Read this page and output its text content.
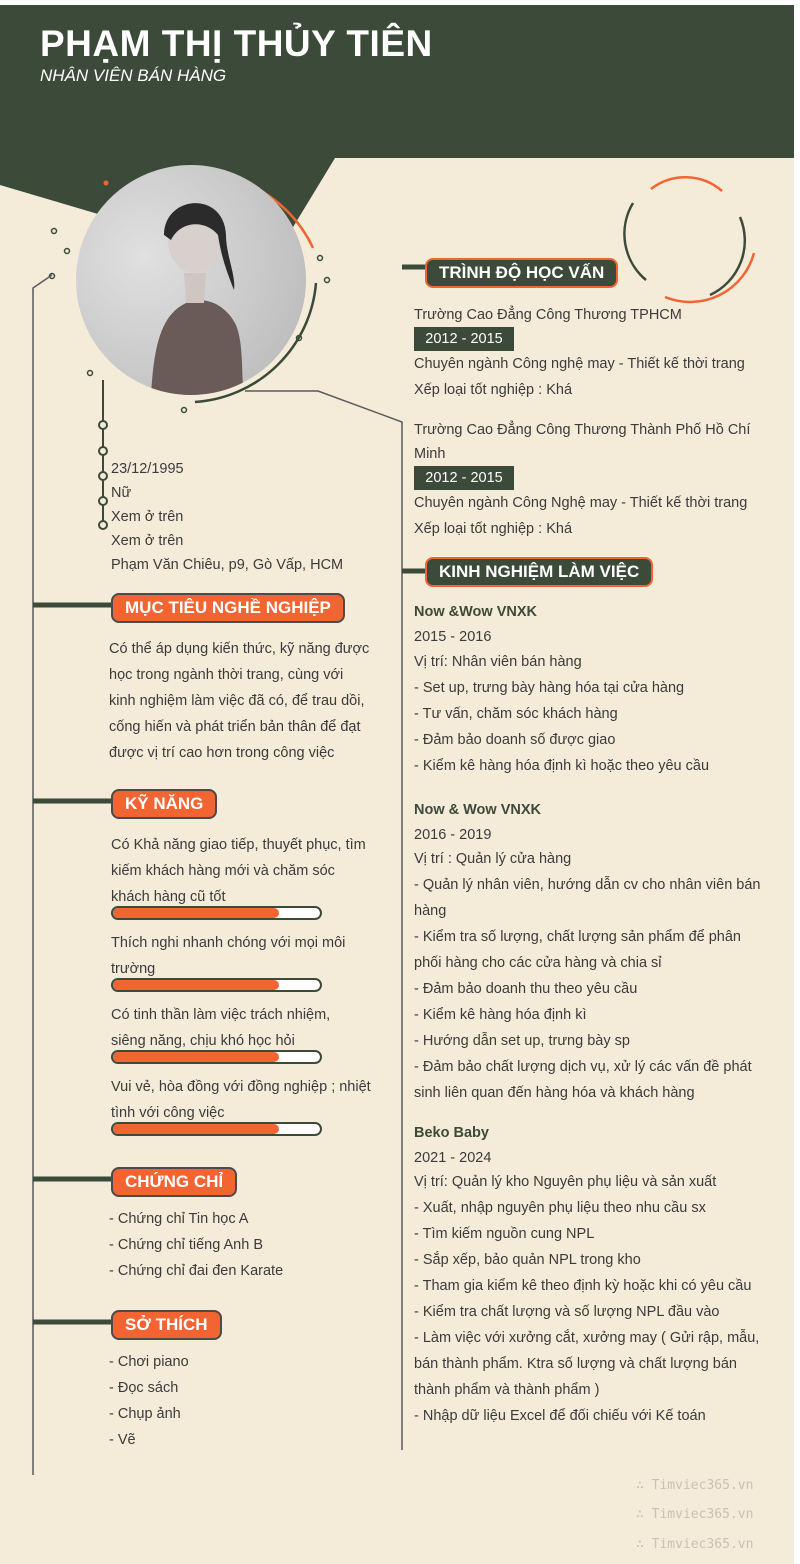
PHẠM THỊ THỦY TIÊN
NHÂN VIÊN BÁN HÀNG
23/12/1995
Nữ
Xem ở trên
Xem ở trên
Phạm Văn Chiêu, p9, Gò Vấp, HCM
MỤC TIÊU NGHỀ NGHIỆP
Có thể áp dụng kiến thức, kỹ năng được
học trong ngành thời trang, cùng với
kinh nghiệm làm việc đã có, để trau dồi,
cống hiến và phát triển bản thân để đạt
được vị trí cao hơn trong công việc
KỸ NĂNG
Có Khả năng giao tiếp, thuyết phục, tìm
kiếm khách hàng mới và chăm sóc
khách hàng cũ tốt
Thích nghi nhanh chóng với mọi môi
trường
Có tinh thần làm việc trách nhiệm,
siêng năng, chịu khó học hỏi
Vui vẻ, hòa đồng với đồng nghiệp ; nhiệt
tình với công việc
CHỨNG CHỈ
- Chứng chỉ Tin học A
- Chứng chỉ tiếng Anh B
- Chứng chỉ đai đen Karate
SỞ THÍCH
- Chơi piano
- Đọc sách
- Chụp ảnh
- Vẽ
TRÌNH ĐỘ HỌC VẤN
Trường Cao Đẳng Công Thương TPHCM
2012 - 2015
Chuyên ngành Công nghệ may - Thiết kế thời trang
Xếp loại tốt nghiệp : Khá
Trường Cao Đẳng Công Thương Thành Phố Hồ Chí
Minh
2012 - 2015
Chuyên ngành Công Nghệ may - Thiết kế thời trang
Xếp loại tốt nghiệp : Khá
KINH NGHIỆM LÀM VIỆC
Now &Wow VNXK
2015 - 2016
Vị trí: Nhân viên bán hàng
- Set up, trưng bày hàng hóa tại cửa hàng
- Tư vấn, chăm sóc khách hàng
- Đảm bảo doanh số được giao
- Kiểm kê hàng hóa định kì hoặc theo yêu cầu
Now & Wow VNXK
2016 - 2019
Vị trí : Quản lý cửa hàng
- Quản lý nhân viên, hướng dẫn cv cho nhân viên bán
hàng
- Kiểm tra số lượng, chất lượng sản phẩm để phân
phối hàng cho các cửa hàng và chia sỉ
- Đảm bảo doanh thu theo yêu cầu
- Kiểm kê hàng hóa định kì
- Hướng dẫn set up, trưng bày sp
- Đảm bảo chất lượng dịch vụ, xử lý các vấn đề phát
sinh liên quan đến hàng hóa và khách hàng
Beko Baby
2021 - 2024
Vị trí: Quản lý kho Nguyên phụ liệu và sản xuất
- Xuất, nhập nguyên phụ liệu theo nhu cầu sx
- Tìm kiếm nguồn cung NPL
- Sắp xếp, bảo quản NPL trong kho
- Tham gia kiểm kê theo định kỳ hoặc khi có yêu cầu
- Kiểm tra chất lượng và số lượng NPL đầu vào
- Làm việc với xưởng cắt, xưởng may ( Gửi rập, mẫu,
bán thành phẩm. Ktra số lượng và chất lượng bán
thành phẩm và thành phẩm )
- Nhập dữ liệu Excel để đối chiếu với Kế toán
∴ Timviec365.vn
∴ Timviec365.vn
∴ Timviec365.vn
